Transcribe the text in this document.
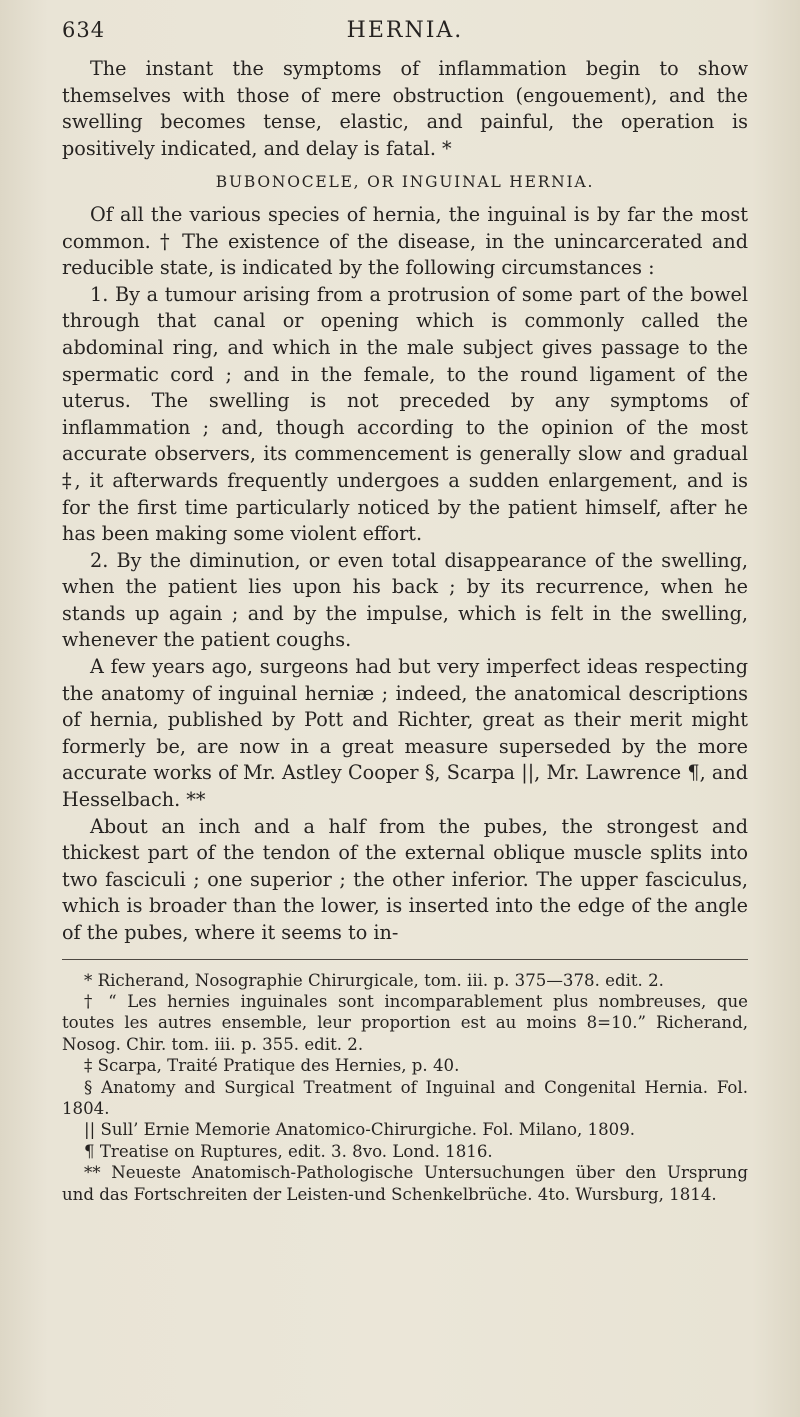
634	HERNIA.

The instant the symptoms of inflammation begin to show themselves with those of mere obstruction (engouement), and the swelling becomes tense, elastic, and painful, the operation is positively indicated, and delay is fatal. *

BUBONOCELE, OR INGUINAL HERNIA.

Of all the various species of hernia, the inguinal is by far the most common. † The existence of the disease, in the unincarcerated and reducible state, is indicated by the following circumstances :

1. By a tumour arising from a protrusion of some part of the bowel through that canal or opening which is commonly called the abdominal ring, and which in the male subject gives passage to the spermatic cord ; and in the female, to the round ligament of the uterus. The swelling is not preceded by any symptoms of inflammation ; and, though according to the opinion of the most accurate observers, its commencement is generally slow and gradual ‡, it afterwards frequently undergoes a sudden enlargement, and is for the first time particularly noticed by the patient himself, after he has been making some violent effort.

2. By the diminution, or even total disappearance of the swelling, when the patient lies upon his back ; by its recurrence, when he stands up again ; and by the impulse, which is felt in the swelling, whenever the patient coughs.

A few years ago, surgeons had but very imperfect ideas respecting the anatomy of inguinal herniæ ; indeed, the anatomical descriptions of hernia, published by Pott and Richter, great as their merit might formerly be, are now in a great measure superseded by the more accurate works of Mr. Astley Cooper §, Scarpa ||, Mr. Lawrence ¶, and Hesselbach. **

About an inch and a half from the pubes, the strongest and thickest part of the tendon of the external oblique muscle splits into two fasciculi ; one superior ; the other inferior. The upper fasciculus, which is broader than the lower, is inserted into the edge of the angle of the pubes, where it seems to in-

* Richerand, Nosographie Chirurgicale, tom. iii. p. 375—378. edit. 2.

† “ Les hernies inguinales sont incomparablement plus nombreuses, que toutes les autres ensemble, leur proportion est au moins 8=10.” Richerand, Nosog. Chir. tom. iii. p. 355. edit. 2.

‡ Scarpa, Traité Pratique des Hernies, p. 40.

§ Anatomy and Surgical Treatment of Inguinal and Congenital Hernia. Fol. 1804.

|| Sull’ Ernie Memorie Anatomico-Chirurgiche. Fol. Milano, 1809.

¶ Treatise on Ruptures, edit. 3. 8vo. Lond. 1816.

** Neueste Anatomisch-Pathologische Untersuchungen über den Ursprung und das Fortschreiten der Leisten-und Schenkelbrüche. 4to. Wursburg, 1814.
